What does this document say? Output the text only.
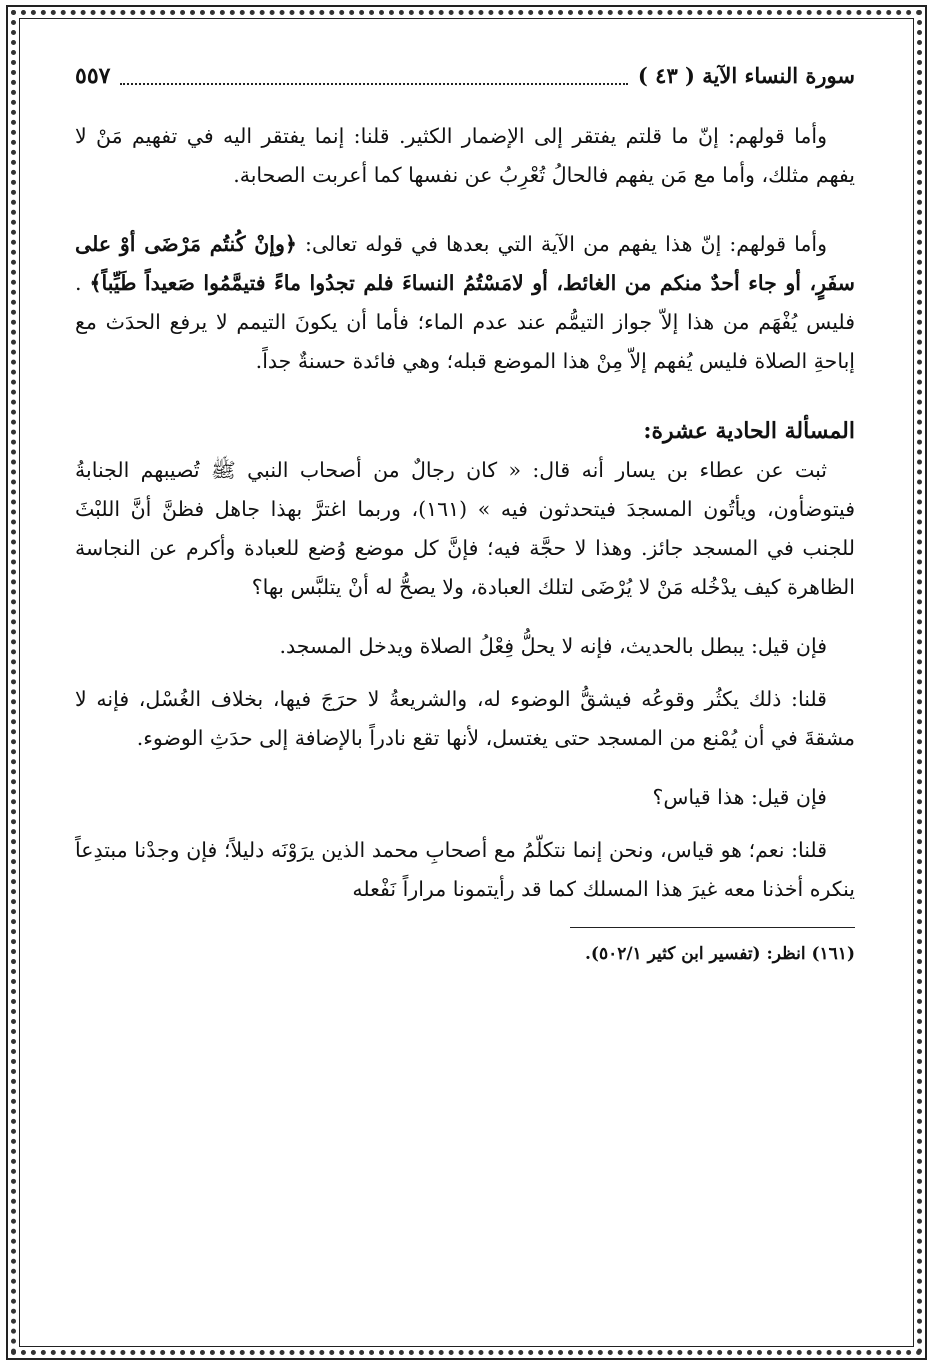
سورة النساء الآية ( ٤٣ )
٥٥٧

وأما قولهم: إنّ ما قلتم يفتقر إلى الإضمار الكثير. قلنا: إنما يفتقر اليه في تفهيم مَنْ لا يفهم مثلك، وأما مع مَن يفهم فالحالُ تُعْرِبُ عن نفسها كما أعربت الصحابة.

وأما قولهم: إنّ هذا يفهم من الآية التي بعدها في قوله تعالى: ﴿وإنْ كُنتُم مَرْضَى أوْ على سفَرٍ، أو جاء أحدٌ منكم من الغائط، أو لامَسْتُمُ النساءَ فلم تجدُوا ماءً فتيمَّمُوا صَعيداً طَيِّباً﴾ . فليس يُفْهَم من هذا إلاّ جواز التيمُّم عند عدم الماء؛ فأما أن يكونَ التيمم لا يرفع الحدَث مع إباحةِ الصلاة فليس يُفهم إلاّ مِنْ هذا الموضع قبله؛ وهي فائدة حسنةٌ جداً.

المسألة الحادية عشرة:

ثبت عن عطاء بن يسار أنه قال: « كان رجالٌ من أصحاب النبي ﷺ تُصيبهم الجنابةُ فيتوضأون، ويأتُون المسجدَ فيتحدثون فيه » (١٦١)، وربما اغترَّ بهذا جاهل فظنَّ أنَّ اللبْثَ للجنب في المسجد جائز. وهذا لا حجَّة فيه؛ فإنَّ كل موضع وُضع للعبادة وأكرم عن النجاسة الظاهرة كيف يدْخُله مَنْ لا يُرْضَى لتلك العبادة، ولا يصحُّ له أنْ يتلبَّس بها؟

فإن قيل: يبطل بالحديث، فإنه لا يحلُّ فِعْلُ الصلاة ويدخل المسجد.

قلنا: ذلك يكثُر وقوعُه فيشقُّ الوضوء له، والشريعةُ لا حرَجَ فيها، بخلاف الغُسْل، فإنه لا مشقةَ في أن يُمْنع من المسجد حتى يغتسل، لأنها تقع نادراً بالإضافة إلى حدَثِ الوضوء.

فإن قيل: هذا قياس؟

قلنا: نعم؛ هو قياس، ونحن إنما نتكلّمُ مع أصحابِ محمد الذين يرَوْنَه دليلاً؛ فإن وجدْنا مبتدِعاً ينكره أخذنا معه غيرَ هذا المسلك كما قد رأيتمونا مراراً نَفْعله

(١٦١) انظر: (تفسير ابن كثير ٥٠٢/١).
